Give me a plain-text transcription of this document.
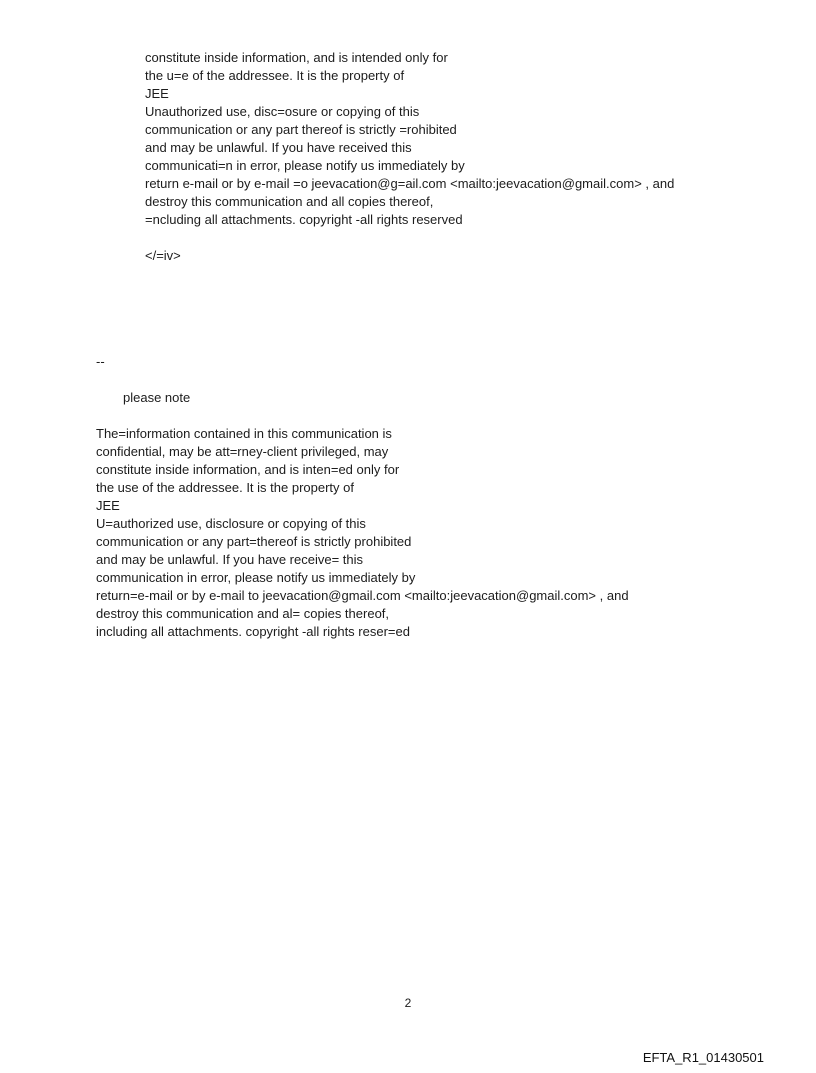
constitute inside information, and is intended only for
the u=e of the addressee. It is the property of
JEE
Unauthorized use, disc=osure or copying of this
communication or any part thereof is strictly =rohibited
and may be unlawful. If you have received this
communicati=n in error, please notify us immediately by
return e-mail or by e-mail =o jeevacation@g=ail.com <mailto:jeevacation@gmail.com> , and
destroy this communication and all copies thereof,
=ncluding all attachments. copyright -all rights reserved
</=iv>
--
please note
The=information contained in this communication is
confidential, may be att=rney-client privileged, may
constitute inside information, and is inten=ed only for
the use of the addressee. It is the property of
JEE
U=authorized use, disclosure or copying of this
communication or any part=thereof is strictly prohibited
and may be unlawful. If you have receive= this
communication in error, please notify us immediately by
return=e-mail or by e-mail to jeevacation@gmail.com <mailto:jeevacation@gmail.com> , and
destroy this communication and al= copies thereof,
including all attachments. copyright -all rights reser=ed
2
EFTA_R1_01430501
